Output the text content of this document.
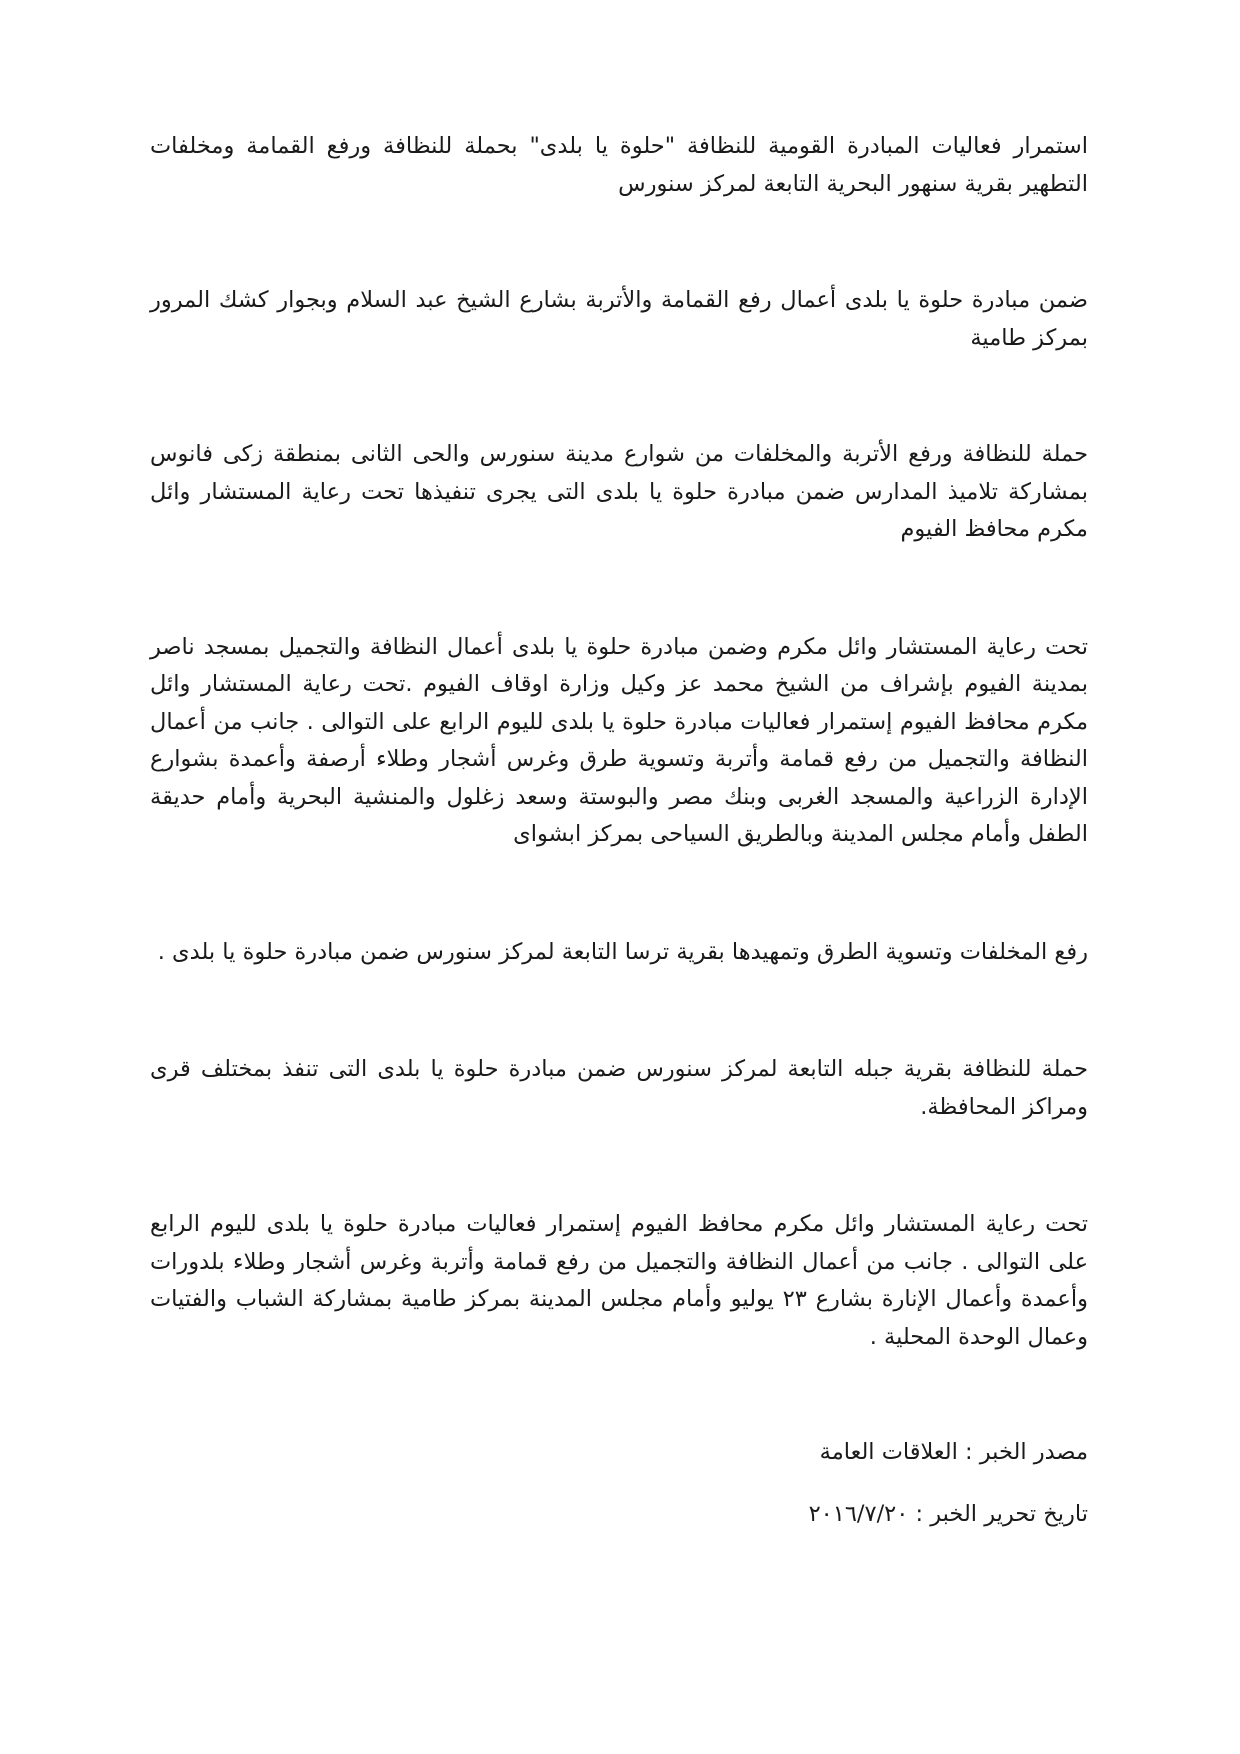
استمرار فعاليات المبادرة القومية للنظافة "حلوة يا بلدى" بحملة للنظافة ورفع القمامة ومخلفات التطهير بقرية سنهور البحرية التابعة لمركز سنورس

ضمن مبادرة حلوة يا بلدى أعمال رفع القمامة والأتربة بشارع الشيخ عبد السلام وبجوار كشك المرور بمركز طامية

حملة للنظافة ورفع الأتربة والمخلفات من شوارع مدينة سنورس والحى الثانى بمنطقة زكى فانوس بمشاركة تلاميذ المدارس ضمن مبادرة حلوة يا بلدى التى يجرى تنفيذها تحت رعاية المستشار وائل مكرم محافظ الفيوم

تحت رعاية المستشار وائل مكرم وضمن مبادرة حلوة يا بلدى أعمال النظافة والتجميل بمسجد ناصر بمدينة الفيوم بإشراف من الشيخ محمد عز وكيل وزارة اوقاف الفيوم .تحت رعاية المستشار وائل مكرم محافظ الفيوم إستمرار فعاليات مبادرة حلوة يا بلدى لليوم الرابع على التوالى . جانب من أعمال النظافة والتجميل من رفع قمامة وأتربة وتسوية طرق وغرس أشجار وطلاء أرصفة وأعمدة بشوارع الإدارة الزراعية والمسجد الغربى وبنك مصر والبوستة وسعد زغلول والمنشية البحرية وأمام حديقة الطفل وأمام مجلس المدينة وبالطريق السياحى بمركز ابشواى

رفع المخلفات وتسوية الطرق وتمهيدها بقرية ترسا التابعة لمركز سنورس ضمن مبادرة حلوة يا بلدى .

حملة للنظافة بقرية جبله التابعة لمركز سنورس ضمن مبادرة حلوة يا بلدى التى تنفذ بمختلف قرى ومراكز المحافظة.

تحت رعاية المستشار وائل مكرم محافظ الفيوم إستمرار فعاليات مبادرة حلوة يا بلدى لليوم الرابع على التوالى . جانب من أعمال النظافة والتجميل من رفع قمامة وأتربة وغرس أشجار وطلاء بلدورات وأعمدة وأعمال الإنارة بشارع ٢٣ يوليو وأمام مجلس المدينة بمركز طامية بمشاركة الشباب والفتيات وعمال الوحدة المحلية .

مصدر الخبر : العلاقات العامة

تاريخ تحرير الخبر : ٢٠١٦/٧/٢٠
